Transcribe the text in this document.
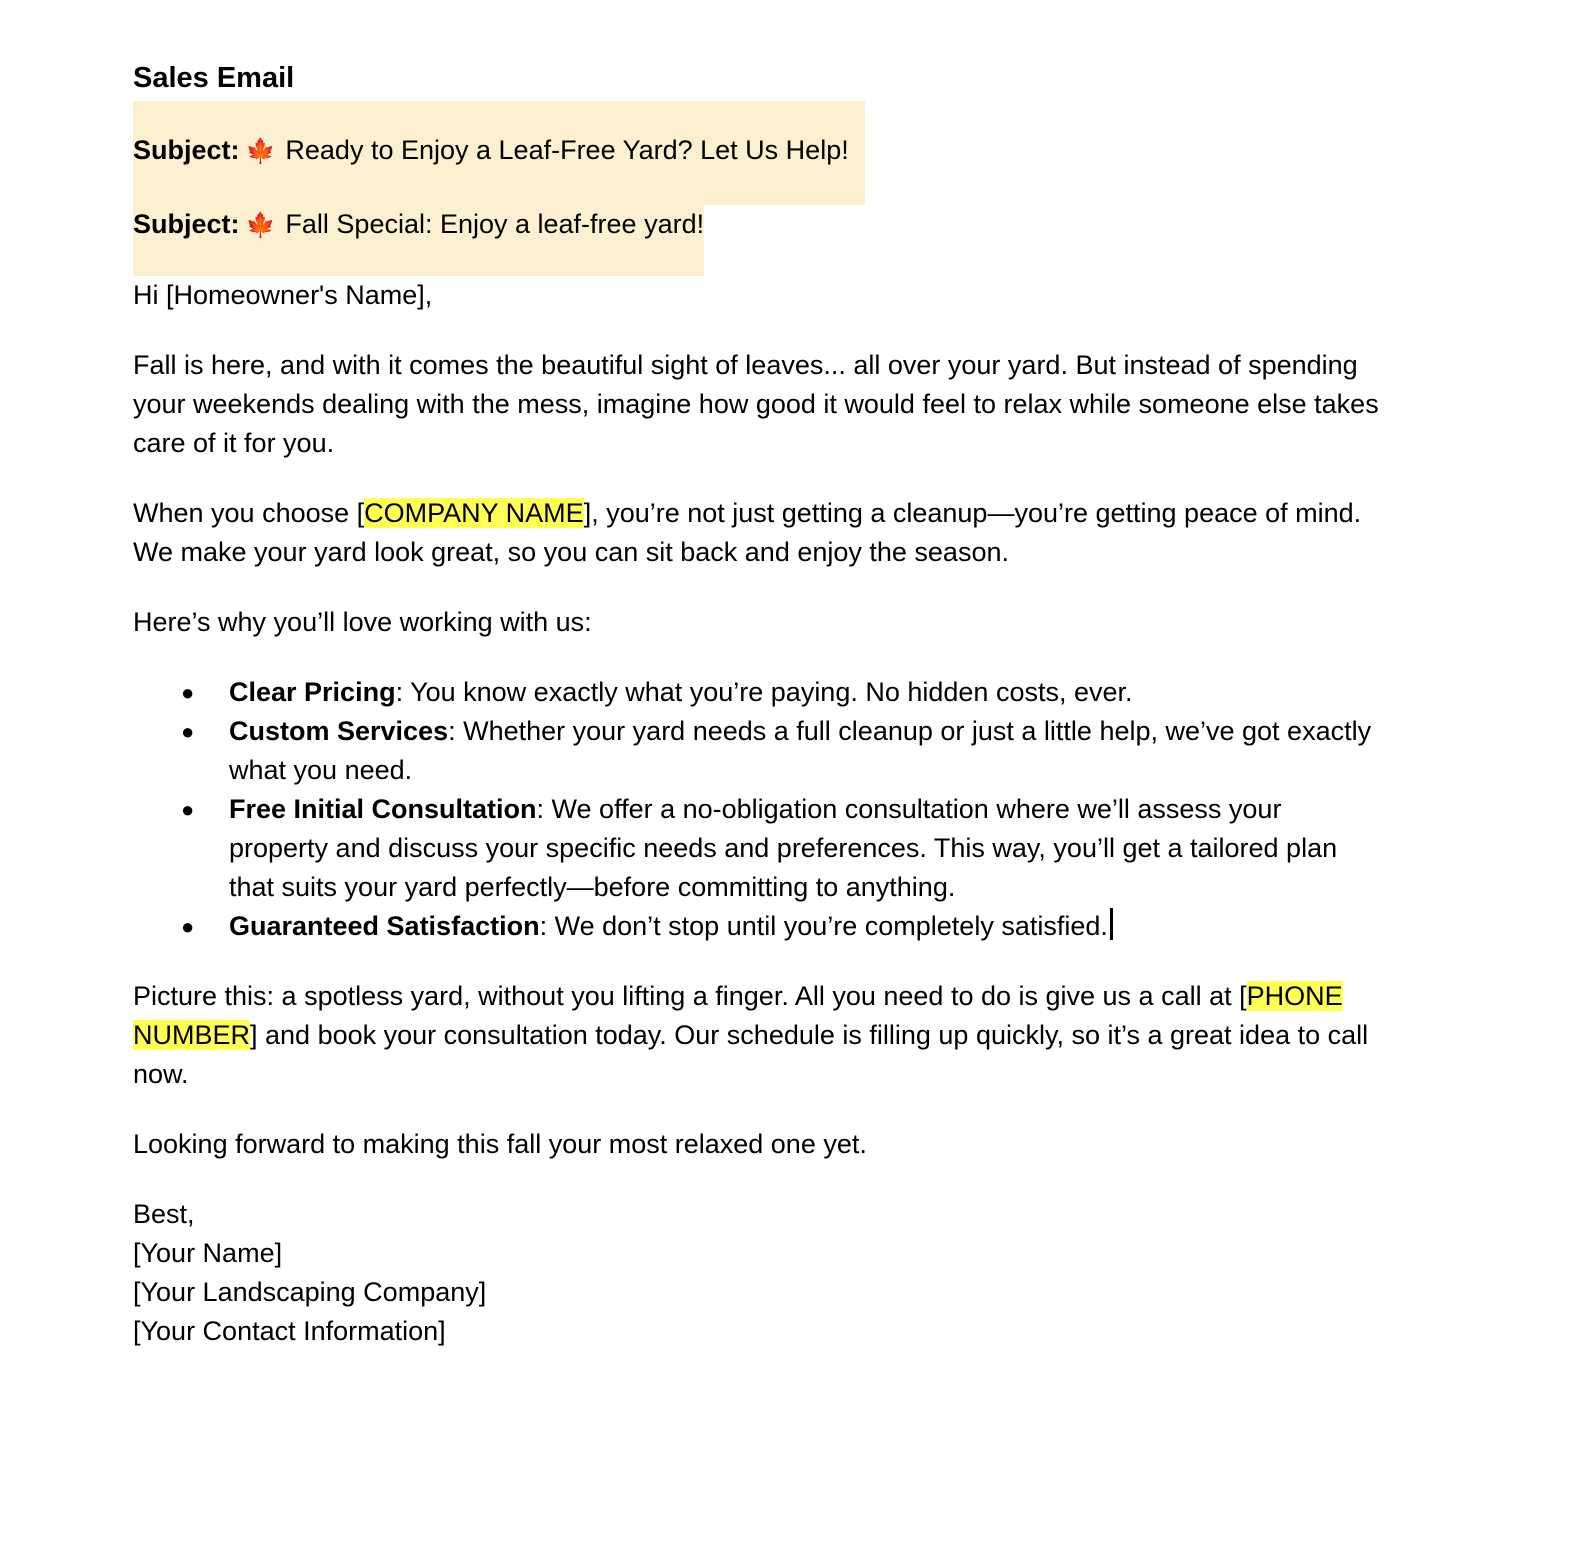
Sales Email

Subject: 🍁 Ready to Enjoy a Leaf-Free Yard? Let Us Help!

Subject: 🍁 Fall Special: Enjoy a leaf-free yard!

Hi [Homeowner's Name],

Fall is here, and with it comes the beautiful sight of leaves... all over your yard. But instead of spending your weekends dealing with the mess, imagine how good it would feel to relax while someone else takes care of it for you.

When you choose [COMPANY NAME], you’re not just getting a cleanup—you’re getting peace of mind. We make your yard look great, so you can sit back and enjoy the season.

Here’s why you’ll love working with us:

● Clear Pricing: You know exactly what you’re paying. No hidden costs, ever.
● Custom Services: Whether your yard needs a full cleanup or just a little help, we’ve got exactly what you need.
● Free Initial Consultation: We offer a no-obligation consultation where we’ll assess your property and discuss your specific needs and preferences. This way, you’ll get a tailored plan that suits your yard perfectly—before committing to anything.
● Guaranteed Satisfaction: We don’t stop until you’re completely satisfied.

Picture this: a spotless yard, without you lifting a finger. All you need to do is give us a call at [PHONE NUMBER] and book your consultation today. Our schedule is filling up quickly, so it’s a great idea to call now.

Looking forward to making this fall your most relaxed one yet.

Best,

[Your Name]

[Your Landscaping Company]

[Your Contact Information]
